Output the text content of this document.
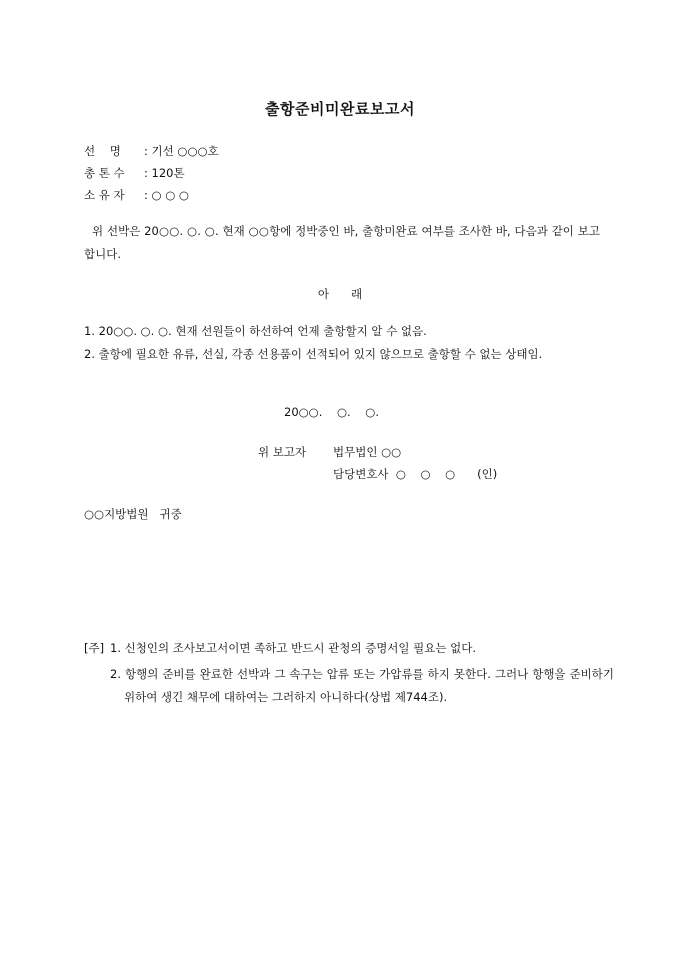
출항준비미완료보고서
선    명 : 기선 ○○○호
총 톤 수 : 120톤
소 유 자 : ○ ○ ○
위 선박은 20○○. ○. ○. 현재 ○○항에 정박중인 바, 출항미완료 여부를 조사한 바, 다음과 같이 보고합니다.
아      래
1. 20○○. ○. ○. 현재 선원들이 하선하여 언제 출항할지 알 수 없음.
2. 출항에 필요한 유류, 선실, 각종 선용품이 선적되어 있지 않으므로 출항할 수 없는 상태임.
20○○.    ○.    ○.
위 보고자 법무법인 ○○
담당변호사  ○    ○    ○      (인)
○○지방법원   귀중
[주] 1. 신청인의 조사보고서이면 족하고 반드시 관청의 증명서일 필요는 없다.
2. 항행의 준비를 완료한 선박과 그 속구는 압류 또는 가압류를 하지 못한다. 그러나 항행을 준비하기 위하여 생긴 채무에 대하여는 그러하지 아니하다(상법 제744조).
